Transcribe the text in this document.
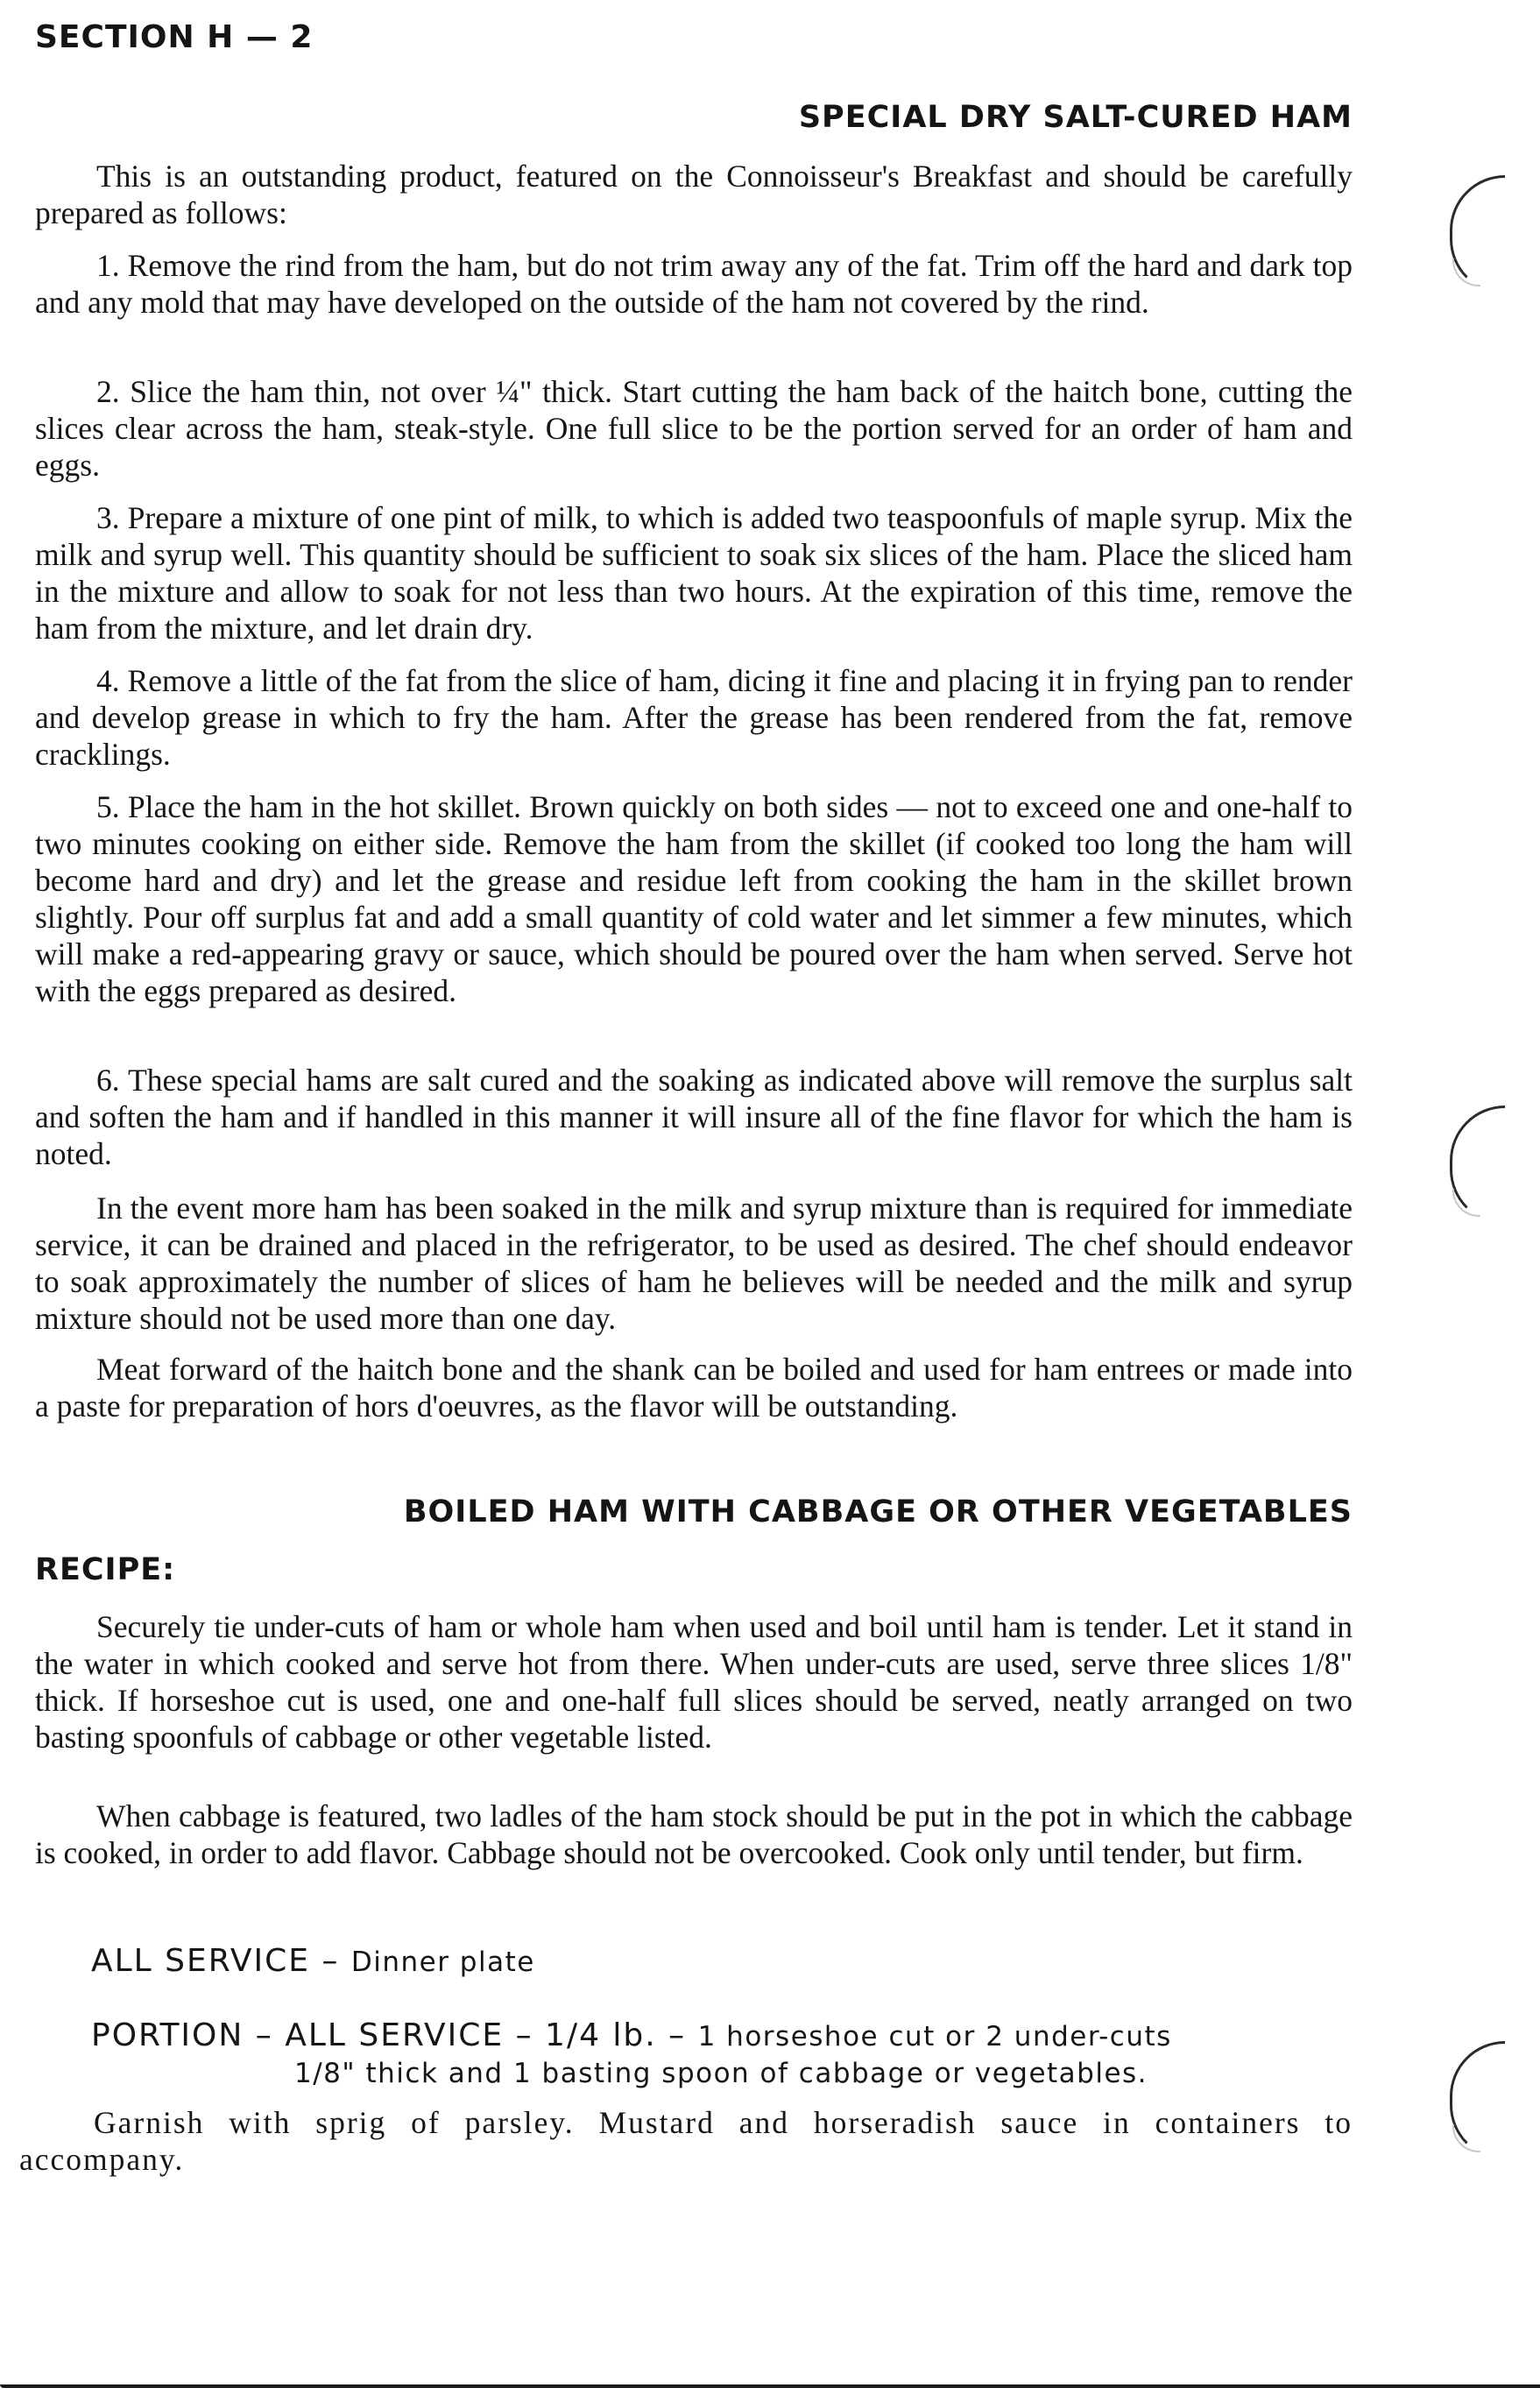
SECTION H — 2
SPECIAL DRY SALT-CURED HAM

This is an outstanding product, featured on the Connoisseur's Breakfast and should be carefully prepared as follows:

1. Remove the rind from the ham, but do not trim away any of the fat. Trim off the hard and dark top and any mold that may have developed on the outside of the ham not covered by the rind.

2. Slice the ham thin, not over ¼" thick. Start cutting the ham back of the haitch bone, cutting the slices clear across the ham, steak-style. One full slice to be the portion served for an order of ham and eggs.

3. Prepare a mixture of one pint of milk, to which is added two teaspoonfuls of maple syrup. Mix the milk and syrup well. This quantity should be sufficient to soak six slices of the ham. Place the sliced ham in the mixture and allow to soak for not less than two hours. At the expiration of this time, remove the ham from the mixture, and let drain dry.

4. Remove a little of the fat from the slice of ham, dicing it fine and placing it in frying pan to render and develop grease in which to fry the ham. After the grease has been rendered from the fat, remove cracklings.

5. Place the ham in the hot skillet. Brown quickly on both sides — not to exceed one and one-half to two minutes cooking on either side. Remove the ham from the skillet (if cooked too long the ham will become hard and dry) and let the grease and residue left from cooking the ham in the skillet brown slightly. Pour off surplus fat and add a small quantity of cold water and let simmer a few minutes, which will make a red-appearing gravy or sauce, which should be poured over the ham when served. Serve hot with the eggs prepared as desired.

6. These special hams are salt cured and the soaking as indicated above will remove the surplus salt and soften the ham and if handled in this manner it will insure all of the fine flavor for which the ham is noted.

In the event more ham has been soaked in the milk and syrup mixture than is required for immediate service, it can be drained and placed in the refrigerator, to be used as desired. The chef should endeavor to soak approximately the number of slices of ham he believes will be needed and the milk and syrup mixture should not be used more than one day.

Meat forward of the haitch bone and the shank can be boiled and used for ham entrees or made into a paste for preparation of hors d'oeuvres, as the flavor will be outstanding.

BOILED HAM WITH CABBAGE OR OTHER VEGETABLES
RECIPE:

Securely tie under-cuts of ham or whole ham when used and boil until ham is tender. Let it stand in the water in which cooked and serve hot from there. When under-cuts are used, serve three slices 1/8" thick. If horseshoe cut is used, one and one-half full slices should be served, neatly arranged on two basting spoonfuls of cabbage or other vegetable listed.

When cabbage is featured, two ladles of the ham stock should be put in the pot in which the cabbage is cooked, in order to add flavor. Cabbage should not be overcooked. Cook only until tender, but firm.

ALL SERVICE – Dinner plate
PORTION – ALL SERVICE – 1/4 lb. – 1 horseshoe cut or 2 under-cuts
1/8" thick and 1 basting spoon of cabbage or vegetables.

Garnish with sprig of parsley. Mustard and horseradish sauce in containers to accompany.
